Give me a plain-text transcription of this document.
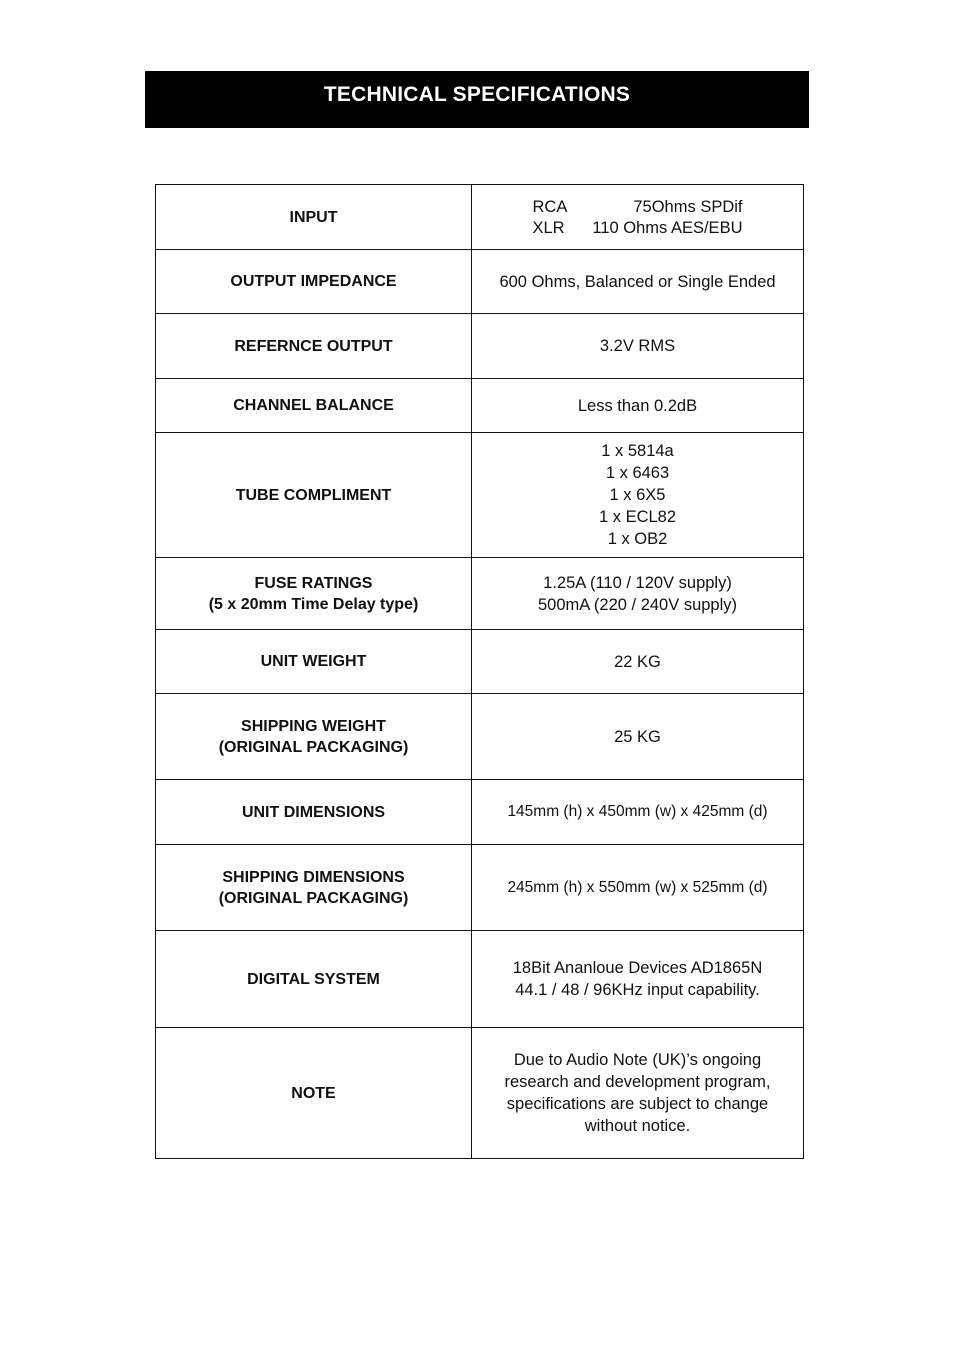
TECHNICAL SPECIFICATIONS
INPUT	RCA 75Ohms SPDif
XLR 110 Ohms AES/EBU

OUTPUT IMPEDANCE	600 Ohms, Balanced or Single Ended
REFERNCE OUTPUT	3.2V RMS
CHANNEL BALANCE	Less than 0.2dB
TUBE COMPLIMENT	1 x 5814a
1 x 6463
1 x 6X5
1 x ECL82
1 x OB2

FUSE RATINGS
(5 x 20mm Time Delay type)	1.25A (110 / 120V supply)
500mA (220 / 240V supply)

UNIT WEIGHT	22 KG

SHIPPING WEIGHT
(ORIGINAL PACKAGING)	25 KG
UNIT DIMENSIONS	145mm (h) x 450mm (w) x 425mm (d)

SHIPPING DIMENSIONS
(ORIGINAL PACKAGING)	245mm (h) x 550mm (w) x 525mm (d)
DIGITAL SYSTEM	18Bit Ananloue Devices AD1865N
44.1 / 48 / 96KHz input capability.

NOTE	Due to Audio Note (UK)’s ongoing
research and development program,
specifications are subject to change
without notice.
